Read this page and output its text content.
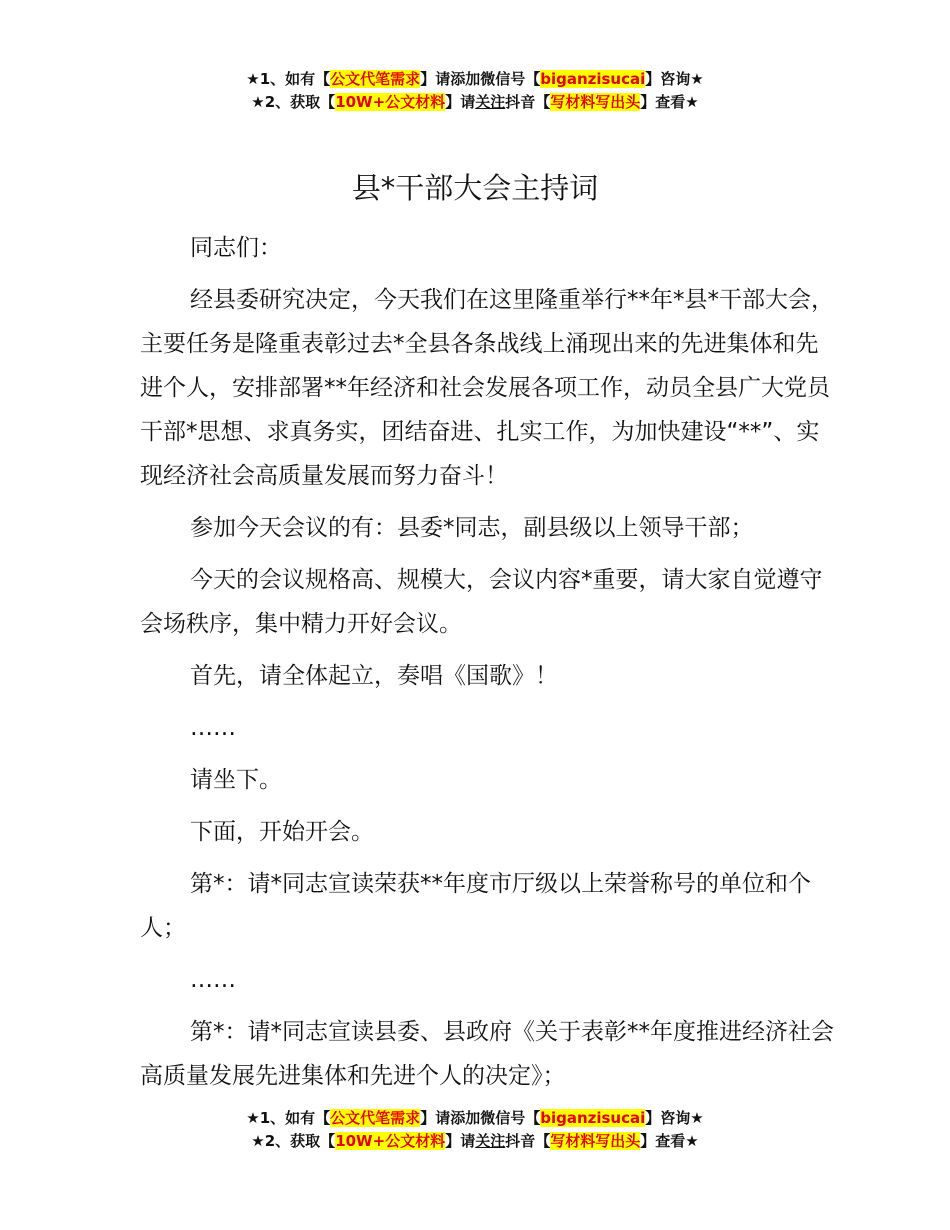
★1、如有【公文代笔需求】请添加微信号【biganzisucai】咨询★
★2、获取【10W+公文材料】请关注抖音【写材料写出头】查看★
县*干部大会主持词

同志们：

经县委研究决定，今天我们在这里隆重举行**年*县*干部大会，主要任务是隆重表彰过去*全县各条战线上涌现出来的先进集体和先进个人，安排部署**年经济和社会发展各项工作，动员全县广大党员干部*思想、求真务实，团结奋进、扎实工作，为加快建设“**”、实现经济社会高质量发展而努力奋斗！

参加今天会议的有：县委*同志，副县级以上领导干部；

今天的会议规格高、规模大，会议内容*重要，请大家自觉遵守会场秩序，集中精力开好会议。

首先，请全体起立，奏唱《国歌》！

……

请坐下。

下面，开始开会。

第*：请*同志宣读荣获**年度市厅级以上荣誉称号的单位和个人；

……

第*：请*同志宣读县委、县政府《关于表彰**年度推进经济社会高质量发展先进集体和先进个人的决定》；

★1、如有【公文代笔需求】请添加微信号【biganzisucai】咨询★
★2、获取【10W+公文材料】请关注抖音【写材料写出头】查看★
